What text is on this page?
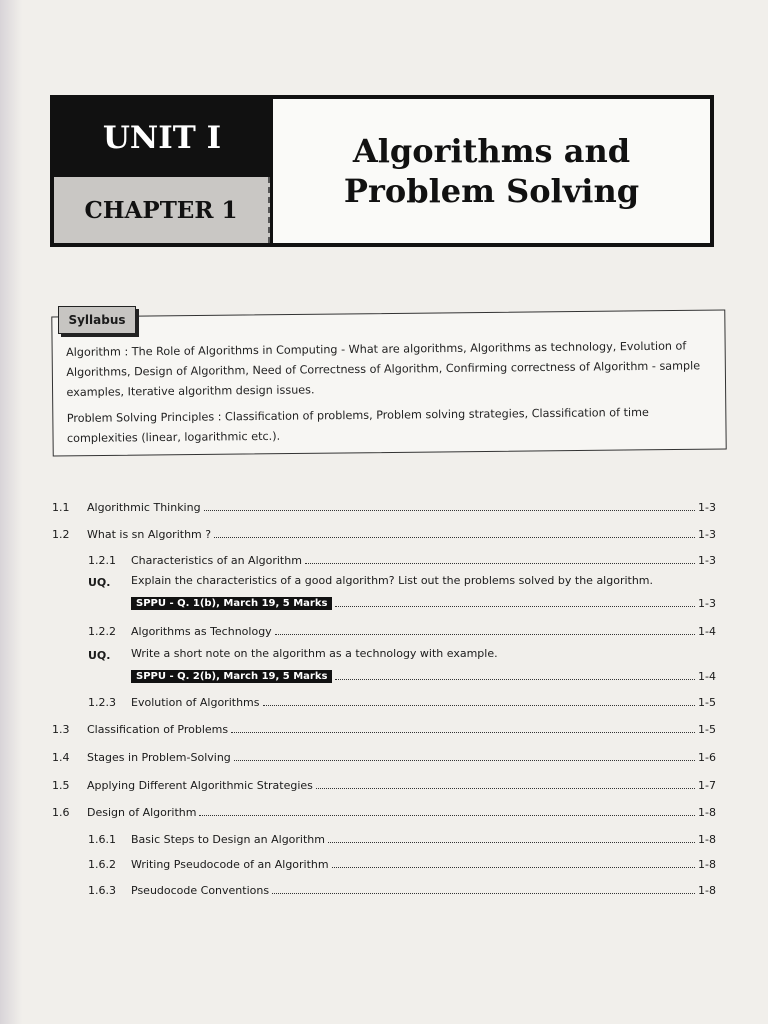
UNIT I
CHAPTER 1
Algorithms and
Problem Solving
Syllabus

Algorithm : The Role of Algorithms in Computing - What are algorithms, Algorithms as technology, Evolution of Algorithms, Design of Algorithm, Need of Correctness of Algorithm, Confirming correctness of Algorithm - sample examples, Iterative algorithm design issues.

Problem Solving Principles : Classification of problems, Problem solving strategies, Classification of time complexities (linear, logarithmic etc.).

1.1 Algorithmic Thinking	1-3
1.2 What is sn Algorithm ?	1-3
1.2.1 Characteristics of an Algorithm	1-3
UQ. Explain the characteristics of a good algorithm? List out the problems solved by the algorithm.
SPPU - Q. 1(b), March 19, 5 Marks	1-3
1.2.2 Algorithms as Technology	1-4
UQ. Write a short note on the algorithm as a technology with example.
SPPU - Q. 2(b), March 19, 5 Marks	1-4
1.2.3 Evolution of Algorithms	1-5
1.3 Classification of Problems	1-5
1.4 Stages in Problem-Solving	1-6
1.5 Applying Different Algorithmic Strategies	1-7
1.6 Design of Algorithm	1-8
1.6.1 Basic Steps to Design an Algorithm	1-8
1.6.2 Writing Pseudocode of an Algorithm	1-8
1.6.3 Pseudocode Conventions	1-8
